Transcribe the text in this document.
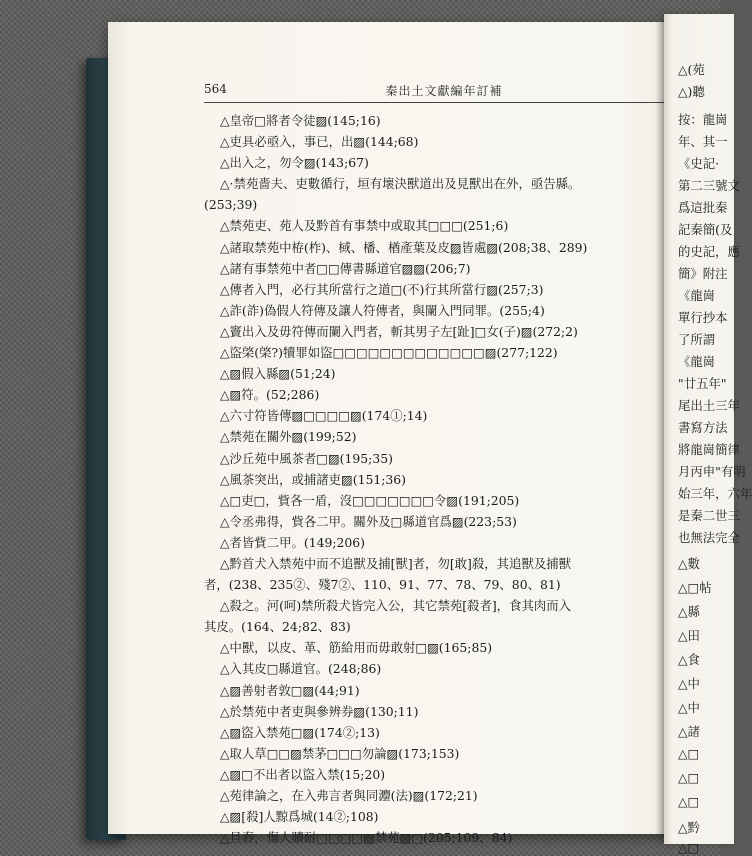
564	秦出土文獻編年訂補
△皇帝□將者令徒▨(145;16)
△吏具必亟入，事已，出▨(144;68)
△出入之，勿令▨(143;67)
△·禁苑嗇夫、吏數循行，垣有壞決獸道出及見獸出在外，亟告縣。
(253;39)
△禁苑吏、苑人及黔首有事禁中或取其□□□(251;6)
△諸取禁苑中栫(柞)、棫、橎、楢產葉及皮▨皆處▨(208;38、289)
△諸有事禁苑中者□□傳書縣道官▨▨(206;7)
△傳者入門，必行其所當行之道□(不)行其所當行▨(257;3)
△詐(詐)偽假人符傳及讓人符傳者，與闌入門同罪。(255;4)
△竇出入及毋符傳而闌入門者，斬其男子左[趾]□女(子)▨(272;2)
△盜棨(棨?)犢罪如盜□□□□□□□□□□□□□▨(277;122)
△▨假入縣▨(51;24)
△▨符。(52;286)
△六寸符皆傳▨□□□□▨(174①;14)
△禁苑在關外▨(199;52)
△沙丘苑中風茶者□▨(195;35)
△風茶突出，或捕諸吏▨(151;36)
△□吏□，貲各一盾，沒□□□□□□□令▨(191;205)
△令丞弗得，貲各二甲。關外及□縣道官爲▨(223;53)
△者皆貲二甲。(149;206)
△黔首犬入禁苑中而不追獸及捕[獸]者，勿[敢]殺，其追獸及捕獸
者，(238、235②、殘7②、110、91、77、78、79、80、81)
△殺之。河(呵)禁所殺犬皆完入公，其它禁苑[殺者]，食其肉而入
其皮。(164、24;82、83)
△中獸，以皮、革、筋給用而毋敢射□▨(165;85)
△入其皮□縣道官。(248;86)
△▨善射者敦□▨(44;91)
△於禁苑中者吏與參辨券▨(130;11)
△▨盜入禁苑□▨(174②;13)
△取人草□□▨禁茅□□□勿論▨(173;153)
△▨□不出者以盜入禁(15;20)
△苑律論之，在入弗言者與同灋(法)▨(172;21)
△▨[殺]人黥爲城(14②;108)
△旦舂，傷人贖耐□□□□▨禁苑▨□(205;109、84)
△(苑
△)聽
按：龍崗
年、其一
《史記·
第二三號文
爲這批秦
記秦簡(及
的史記，應
簡》附注
《龍崗
單行抄本
了所謂
《龍崗
"廿五年"
尾出土三年
書寫方法
將龍崗簡律
月丙申"有明
始三年，六年
是秦二世三
也無法完全
△數
△□帖
△縣
△田
△食
△中
△中
△諸
△□
△□
△□
△黔
△□
